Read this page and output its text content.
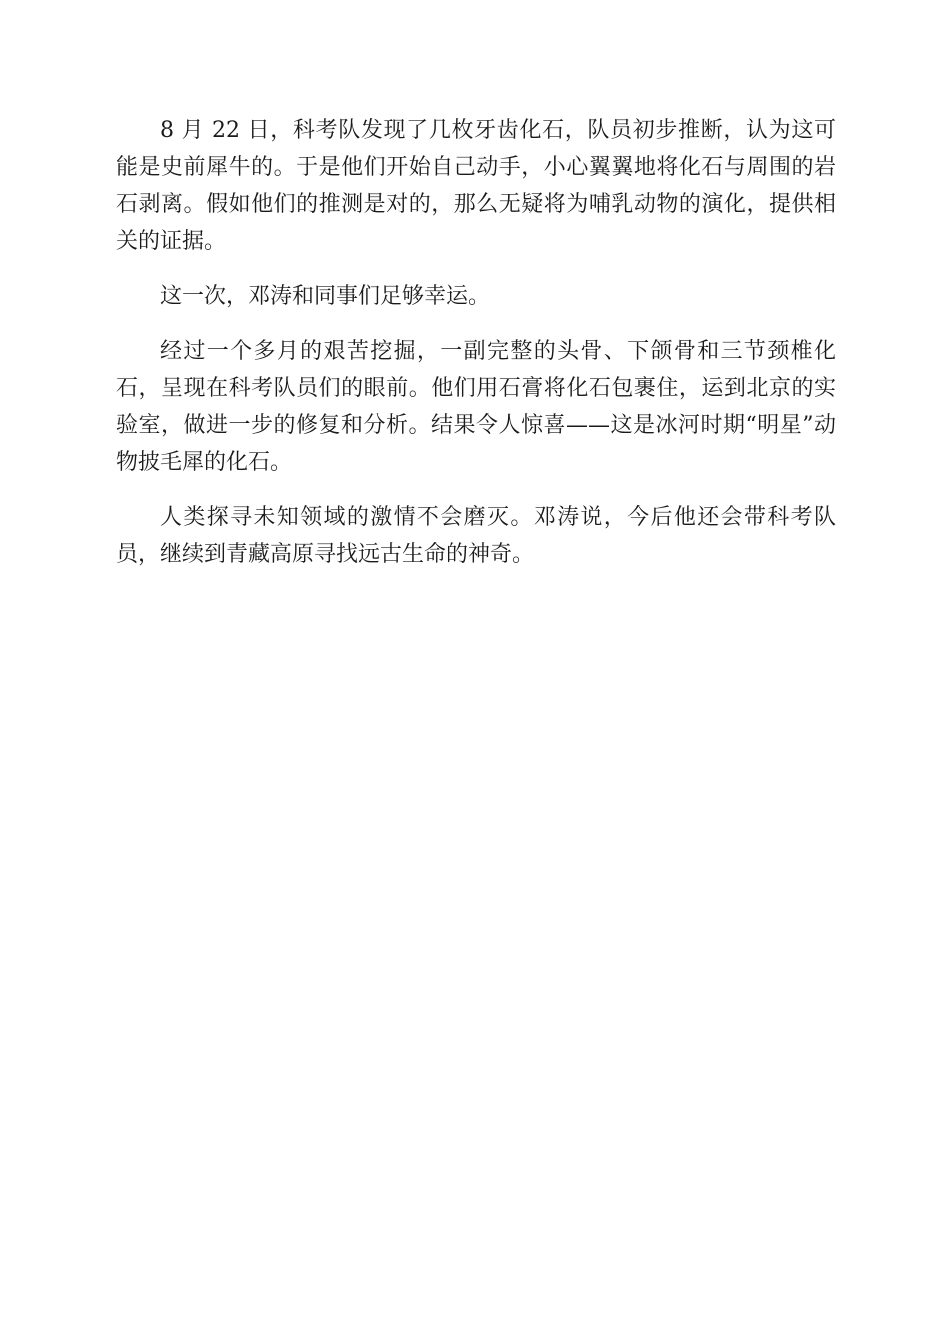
8 月 22 日，科考队发现了几枚牙齿化石，队员初步推断，认为这可能是史前犀牛的。于是他们开始自己动手，小心翼翼地将化石与周围的岩石剥离。假如他们的推测是对的，那么无疑将为哺乳动物的演化，提供相关的证据。

这一次，邓涛和同事们足够幸运。

经过一个多月的艰苦挖掘，一副完整的头骨、下颌骨和三节颈椎化石，呈现在科考队员们的眼前。他们用石膏将化石包裹住，运到北京的实验室，做进一步的修复和分析。结果令人惊喜——这是冰河时期“明星”动物披毛犀的化石。

人类探寻未知领域的激情不会磨灭。邓涛说，今后他还会带科考队员，继续到青藏高原寻找远古生命的神奇。
